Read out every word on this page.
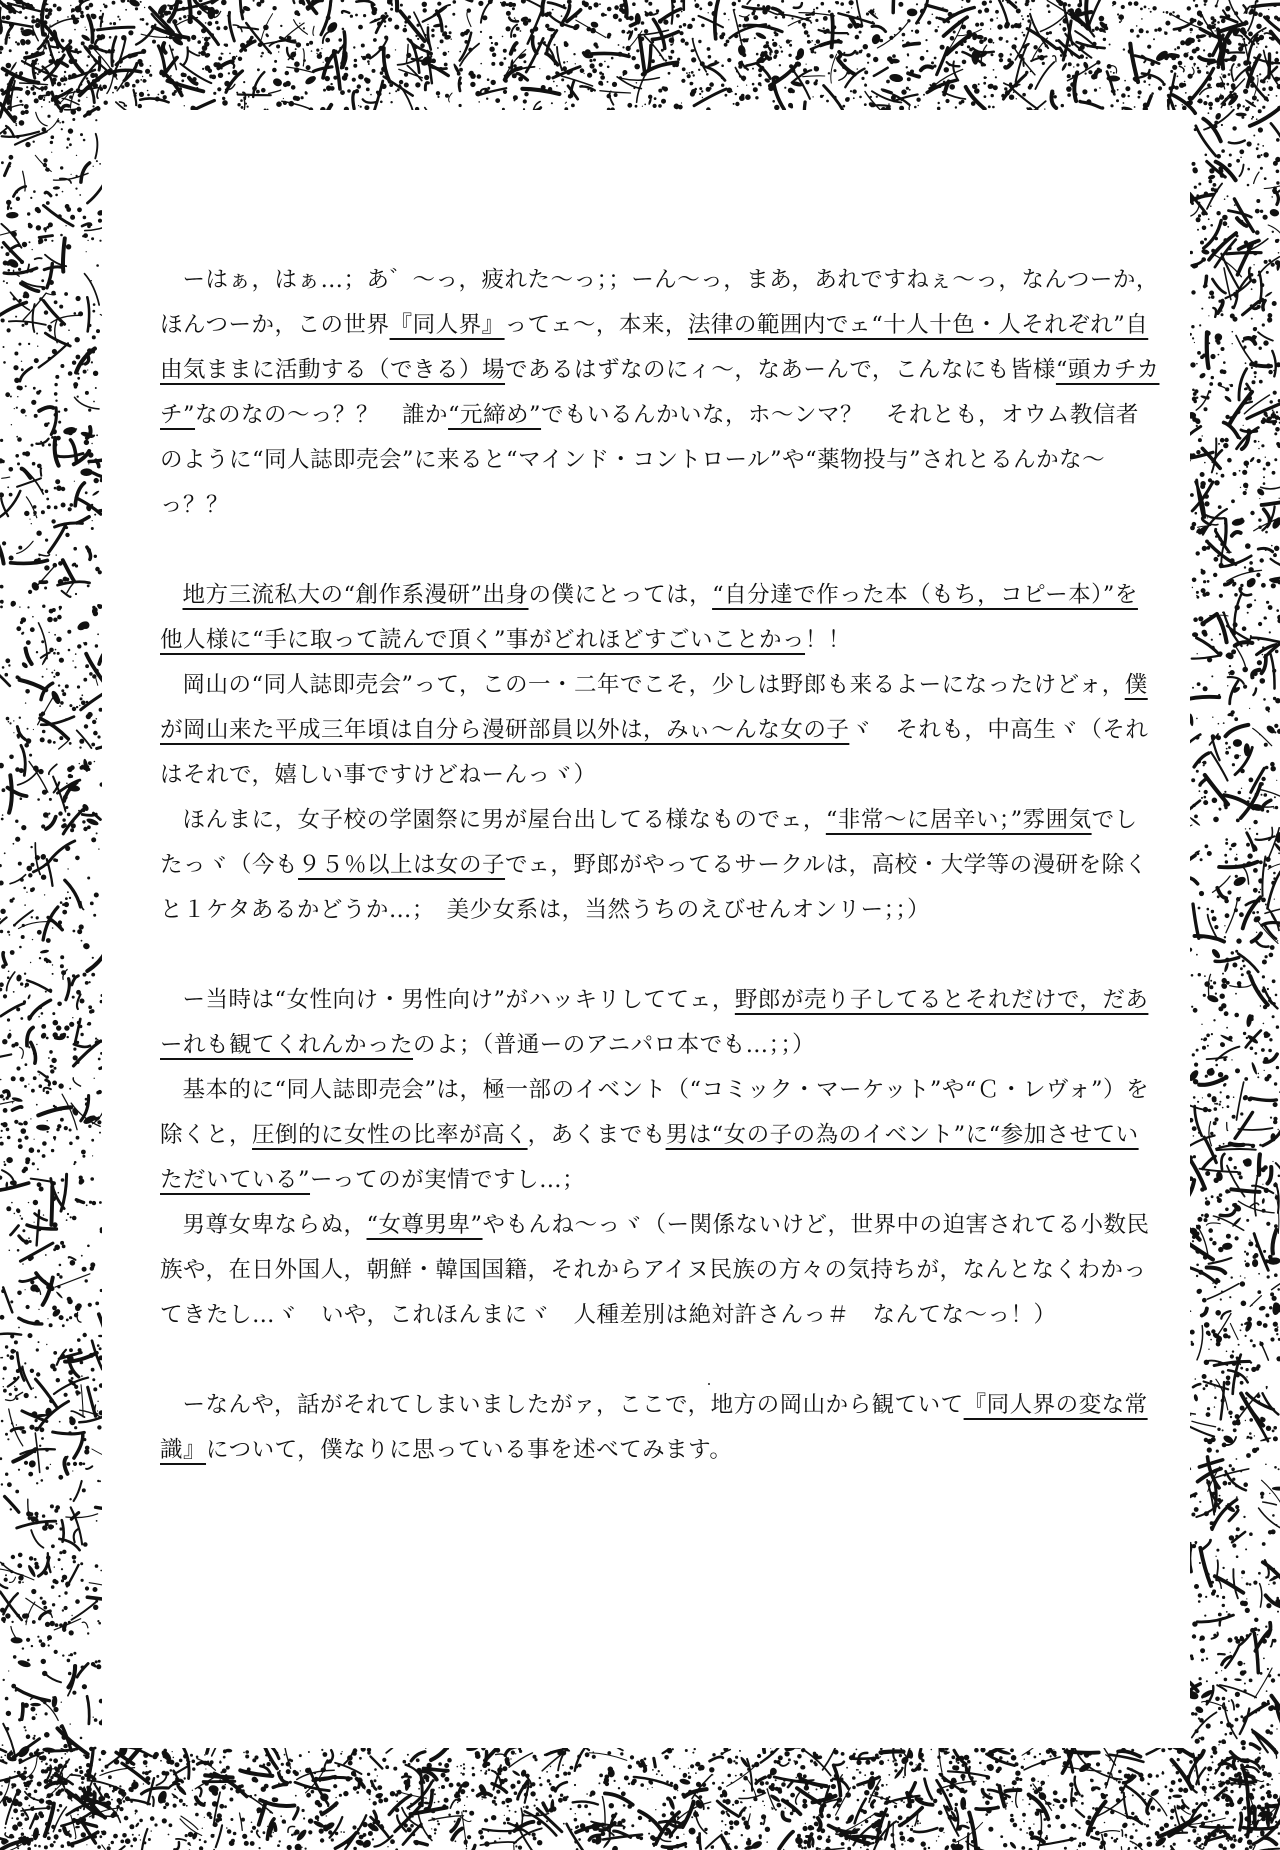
ーはぁ，はぁ…；あ゛〜っ，疲れた〜っ；；ーん〜っ，まあ，あれですねぇ〜っ，なんつーか，ほんつーか，この世界『同人界』ってェ〜，本来，法律の範囲内でェ“十人十色・人それぞれ”自由気ままに活動する（できる）場であるはずなのにィ〜，なあーんで，こんなにも皆様“頭カチカチ”なのなの〜っ？？　誰か“元締め”でもいるんかいな，ホ〜ンマ？　それとも，オウム教信者のように“同人誌即売会”に来ると“マインド・コントロール”や“薬物投与”されとるんかな〜っ？？

地方三流私大の“創作系漫研”出身の僕にとっては，“自分達で作った本（もち，コピー本）”を他人様に“手に取って読んで頂く”事がどれほどすごいことかっ！！

岡山の“同人誌即売会”って，この一・二年でこそ，少しは野郎も来るよーになったけどォ，僕が岡山来た平成三年頃は自分ら漫研部員以外は，みぃ〜んな女の子ヾ　それも，中高生ヾ（それはそれで，嬉しい事ですけどねーんっヾ）

ほんまに，女子校の学園祭に男が屋台出してる様なものでェ，“非常〜に居辛い；”雰囲気でしたっヾ（今も９５％以上は女の子でェ，野郎がやってるサークルは，高校・大学等の漫研を除くと１ケタあるかどうか…；　美少女系は，当然うちのえびせんオンリー；；）

ー当時は“女性向け・男性向け”がハッキリしててェ，野郎が売り子してるとそれだけで，だあーれも観てくれんかったのよ；（普通ーのアニパロ本でも…；；）

基本的に“同人誌即売会”は，極一部のイベント（“コミック・マーケット”や“Ｃ・レヴォ”）を除くと，圧倒的に女性の比率が高く，あくまでも男は“女の子の為のイベント”に“参加させていただいている”ーってのが実情ですし…；

男尊女卑ならぬ，“女尊男卑”やもんね〜っヾ（ー関係ないけど，世界中の迫害されてる小数民族や，在日外国人，朝鮮・韓国国籍，それからアイヌ民族の方々の気持ちが，なんとなくわかってきたし…ヾ　いや，これほんまにヾ　人種差別は絶対許さんっ＃　なんてな〜っ！）

ーなんや，話がそれてしまいましたがァ，ここで，地方の岡山から観ていて『同人界の変な常識』について，僕なりに思っている事を述べてみます。
